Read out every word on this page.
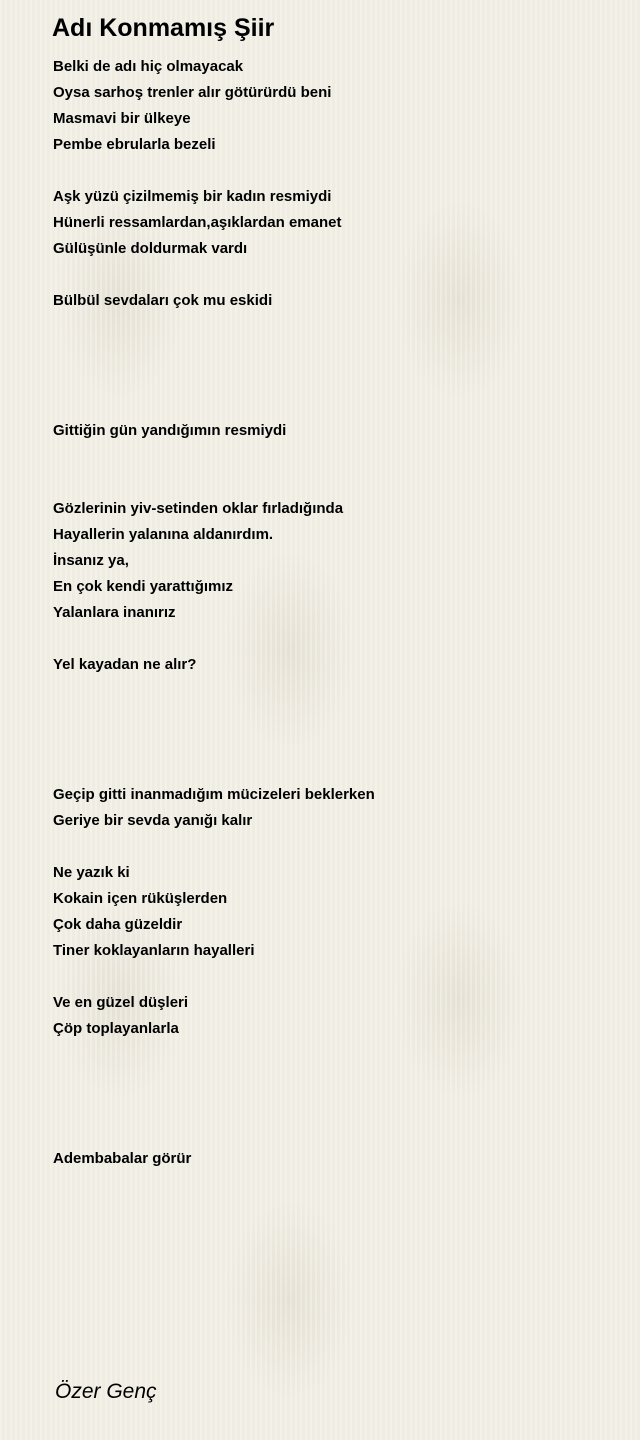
Adı Konmamış Şiir
Belki de adı hiç olmayacak
Oysa sarhoş trenler alır götürürdü beni
Masmavi bir ülkeye
Pembe ebrularla bezeli
Aşk yüzü çizilmemiş bir kadın resmiydi
Hünerli ressamlardan,aşıklardan emanet
Gülüşünle doldurmak vardı
Bülbül sevdaları çok mu eskidi
Gittiğin gün yandığımın resmiydi
Gözlerinin yiv-setinden oklar fırladığında
Hayallerin yalanına aldanırdım.
İnsanız ya,
En çok kendi yarattığımız
Yalanlara inanırız
Yel kayadan ne alır?
Geçip gitti inanmadığım mücizeleri beklerken
Geriye bir sevda yanığı kalır
Ne yazık ki
Kokain içen rüküşlerden
Çok daha güzeldir
Tiner koklayanların hayalleri
Ve en güzel düşleri
Çöp toplayanlarla
Adembabalar görür
Özer Genç
